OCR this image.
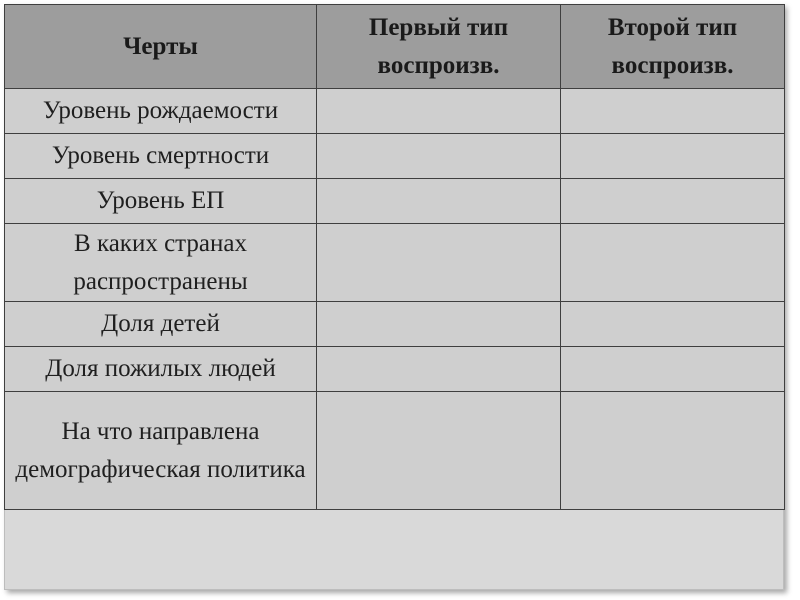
Черты	Первый тип воспроизв.	Второй тип воспроизв.
Уровень рождаемости		
Уровень смертности		
Уровень ЕП		
В каких странах распространены		
Доля детей		
Доля пожилых людей		
На что направлена демографическая политика		
